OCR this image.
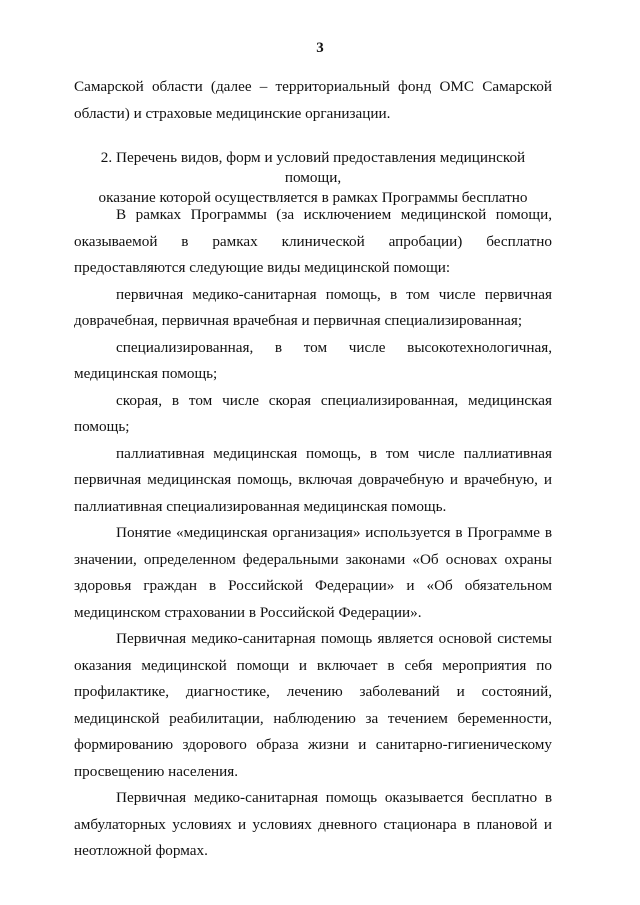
3
Самарской области (далее – территориальный фонд ОМС Самарской
области) и страховые медицинские организации.
2. Перечень видов, форм и условий предоставления медицинской помощи,
оказание которой осуществляется в рамках Программы бесплатно
В рамках Программы (за исключением медицинской помощи,
оказываемой в рамках клинической апробации) бесплатно
предоставляются следующие виды медицинской помощи:
первичная медико-санитарная помощь, в том числе первичная
доврачебная, первичная врачебная и первичная специализированная;
специализированная, в том числе высокотехнологичная,
медицинская помощь;
скорая, в том числе скорая специализированная, медицинская помощь;
паллиативная медицинская помощь, в том числе паллиативная
первичная медицинская помощь, включая доврачебную и врачебную, и
паллиативная специализированная медицинская помощь.
Понятие «медицинская организация» используется в Программе в
значении, определенном федеральными законами «Об основах охраны
здоровья граждан в Российской Федерации» и «Об обязательном
медицинском страховании в Российской Федерации».
Первичная медико-санитарная помощь является основой системы
оказания медицинской помощи и включает в себя мероприятия по
профилактике, диагностике, лечению заболеваний и состояний,
медицинской реабилитации, наблюдению за течением беременности,
формированию здорового образа жизни и санитарно-гигиеническому
просвещению населения.
Первичная медико-санитарная помощь оказывается бесплатно в
амбулаторных условиях и условиях дневного стационара в плановой и
неотложной формах.
